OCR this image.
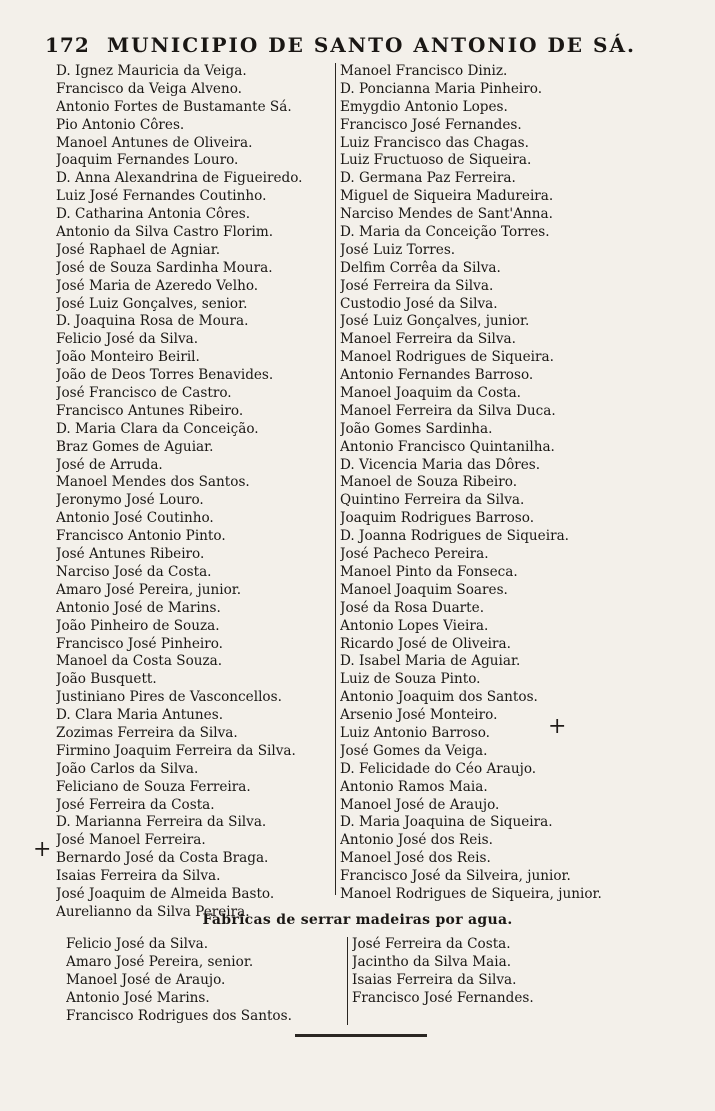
172 MUNICIPIO DE SANTO ANTONIO DE SÁ.
D. Ignez Mauricia da Veiga.
Francisco da Veiga Alveno.
Antonio Fortes de Bustamante Sá.
Pio Antonio Côres.
Manoel Antunes de Oliveira.
Joaquim Fernandes Louro.
D. Anna Alexandrina de Figueiredo.
Luiz José Fernandes Coutinho.
D. Catharina Antonia Côres.
Antonio da Silva Castro Florim.
José Raphael de Agniar.
José de Souza Sardinha Moura.
José Maria de Azeredo Velho.
José Luiz Gonçalves, senior.
D. Joaquina Rosa de Moura.
Felicio José da Silva.
João Monteiro Beiril.
João de Deos Torres Benavides.
José Francisco de Castro.
Francisco Antunes Ribeiro.
D. Maria Clara da Conceição.
Braz Gomes de Aguiar.
José de Arruda.
Manoel Mendes dos Santos.
Jeronymo José Louro.
Antonio José Coutinho.
Francisco Antonio Pinto.
José Antunes Ribeiro.
Narciso José da Costa.
Amaro José Pereira, junior.
Antonio José de Marins.
João Pinheiro de Souza.
Francisco José Pinheiro.
Manoel da Costa Souza.
João Busquett.
Justiniano Pires de Vasconcellos.
D. Clara Maria Antunes.
Zozimas Ferreira da Silva.
Firmino Joaquim Ferreira da Silva.
João Carlos da Silva.
Feliciano de Souza Ferreira.
José Ferreira da Costa.
D. Marianna Ferreira da Silva.
José Manoel Ferreira.
Bernardo José da Costa Braga.
Isaias Ferreira da Silva.
José Joaquim de Almeida Basto.
Aurelianno da Silva Pereira.
Manoel Francisco Diniz.
D. Poncianna Maria Pinheiro.
Emygdio Antonio Lopes.
Francisco José Fernandes.
Luiz Francisco das Chagas.
Luiz Fructuoso de Siqueira.
D. Germana Paz Ferreira.
Miguel de Siqueira Madureira.
Narciso Mendes de Sant'Anna.
D. Maria da Conceição Torres.
José Luiz Torres.
Delfim Corrêa da Silva.
José Ferreira da Silva.
Custodio José da Silva.
José Luiz Gonçalves, junior.
Manoel Ferreira da Silva.
Manoel Rodrigues de Siqueira.
Antonio Fernandes Barroso.
Manoel Joaquim da Costa.
Manoel Ferreira da Silva Duca.
João Gomes Sardinha.
Antonio Francisco Quintanilha.
D. Vicencia Maria das Dôres.
Manoel de Souza Ribeiro.
Quintino Ferreira da Silva.
Joaquim Rodrigues Barroso.
D. Joanna Rodrigues de Siqueira.
José Pacheco Pereira.
Manoel Pinto da Fonseca.
Manoel Joaquim Soares.
José da Rosa Duarte.
Antonio Lopes Vieira.
Ricardo José de Oliveira.
D. Isabel Maria de Aguiar.
Luiz de Souza Pinto.
Antonio Joaquim dos Santos.
Arsenio José Monteiro.
Luiz Antonio Barroso.
José Gomes da Veiga.
D. Felicidade do Céo Araujo.
Antonio Ramos Maia.
Manoel José de Araujo.
D. Maria Joaquina de Siqueira.
Antonio José dos Reis.
Manoel José dos Reis.
Francisco José da Silveira, junior.
Manoel Rodrigues de Siqueira, junior.
Fabricas de serrar madeiras por agua.
Felicio José da Silva.
Amaro José Pereira, senior.
Manoel José de Araujo.
Antonio José Marins.
Francisco Rodrigues dos Santos.
José Ferreira da Costa.
Jacintho da Silva Maia.
Isaias Ferreira da Silva.
Francisco José Fernandes.
+
+
